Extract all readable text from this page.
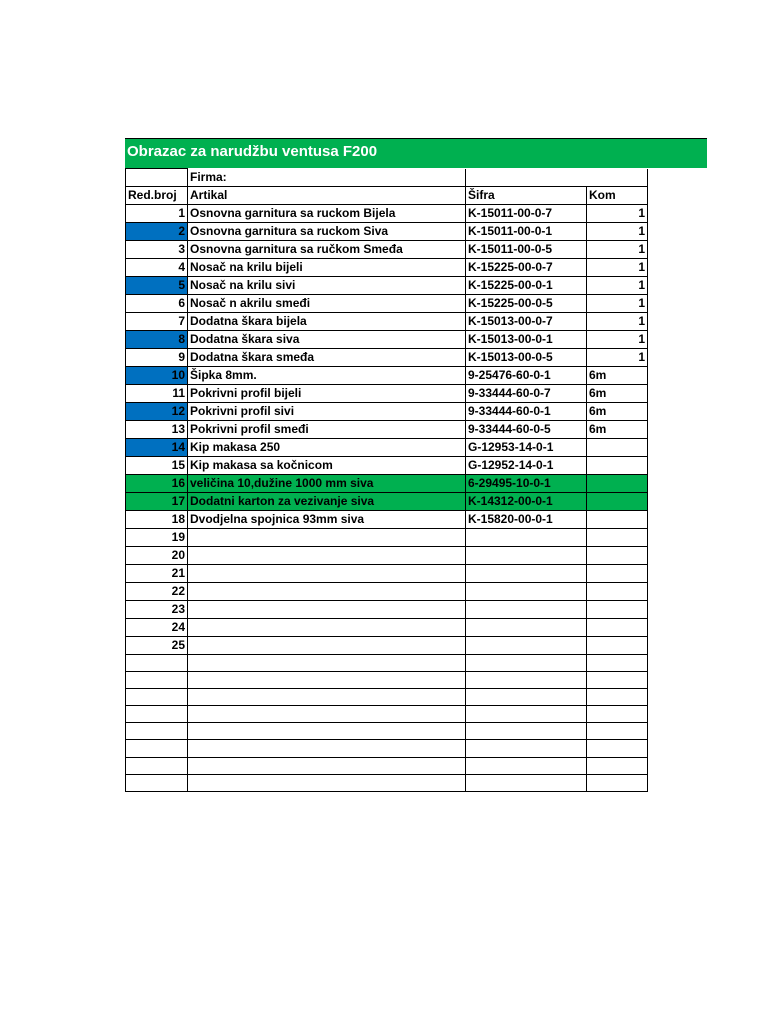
Obrazac za narudžbu ventusa F200
	Firma:		
Red.broj	Artikal	Šifra	Kom
1	Osnovna garnitura sa ruckom Bijela	K-15011-00-0-7	1
2	Osnovna garnitura sa ruckom Siva	K-15011-00-0-1	1
3	Osnovna garnitura sa ručkom Smeđa	K-15011-00-0-5	1
4	Nosač na krilu bijeli	K-15225-00-0-7	1
5	Nosač na krilu sivi	K-15225-00-0-1	1
6	Nosač n akrilu smeđi	K-15225-00-0-5	1
7	Dodatna škara bijela	K-15013-00-0-7	1
8	Dodatna škara siva	K-15013-00-0-1	1
9	Dodatna škara smeđa	K-15013-00-0-5	1
10	Šipka 8mm.	9-25476-60-0-1	6m
11	Pokrivni profil bijeli	9-33444-60-0-7	6m
12	Pokrivni profil sivi	9-33444-60-0-1	6m
13	Pokrivni profil smeđi	9-33444-60-0-5	6m
14	Kip makasa 250	G-12953-14-0-1	
15	Kip makasa sa kočnicom	G-12952-14-0-1	
16	veličina 10,dužine 1000 mm siva	6-29495-10-0-1	
17	Dodatni karton za vezivanje siva	K-14312-00-0-1	
18	Dvodjelna spojnica 93mm siva	K-15820-00-0-1	
19			
20			
21			
22			
23			
24			
25			
